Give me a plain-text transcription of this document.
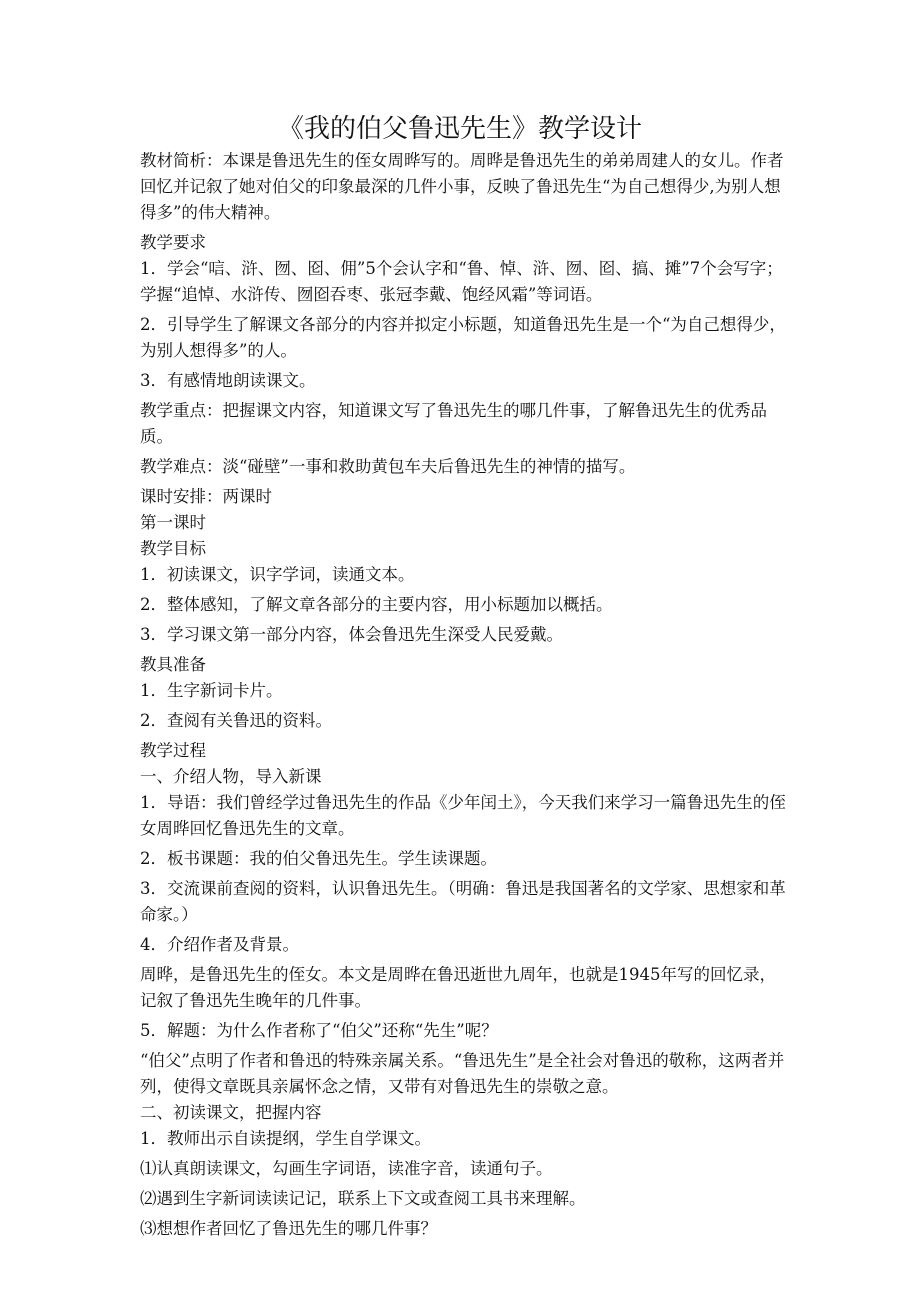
《我的伯父鲁迅先生》教学设计

教材简析：本课是鲁迅先生的侄女周晔写的。周晔是鲁迅先生的弟弟周建人的女儿。作者回忆并记叙了她对伯父的印象最深的几件小事，反映了鲁迅先生“为自己想得少,为别人想得多”的伟大精神。

教学要求

1．学会“唁、浒、囫、囵、佣”5个会认字和“鲁、悼、浒、囫、囵、搞、摊”7个会写字；学握“追悼、水浒传、囫囵吞枣、张冠李戴、饱经风霜”等词语。

2．引导学生了解课文各部分的内容并拟定小标题，知道鲁迅先生是一个“为自己想得少，为别人想得多”的人。

3．有感情地朗读课文。

教学重点：把握课文内容，知道课文写了鲁迅先生的哪几件事，了解鲁迅先生的优秀品质。

教学难点：淡“碰壁”一事和救助黄包车夫后鲁迅先生的神情的描写。

课时安排：两课时

第一课时

教学目标

1．初读课文，识字学词，读通文本。

2．整体感知，了解文章各部分的主要内容，用小标题加以概括。

3．学习课文第一部分内容，体会鲁迅先生深受人民爱戴。

教具准备

1．生字新词卡片。

2．查阅有关鲁迅的资料。

教学过程

一、介绍人物，导入新课

1．导语：我们曾经学过鲁迅先生的作品《少年闰土》，今天我们来学习一篇鲁迅先生的侄女周晔回忆鲁迅先生的文章。

2．板书课题：我的伯父鲁迅先生。学生读课题。

3．交流课前查阅的资料，认识鲁迅先生。（明确：鲁迅是我国著名的文学家、思想家和革命家。）

4．介绍作者及背景。

周晔，是鲁迅先生的侄女。本文是周晔在鲁迅逝世九周年，也就是1945年写的回忆录，记叙了鲁迅先生晚年的几件事。

5．解题：为什么作者称了“伯父”还称“先生”呢？

“伯父”点明了作者和鲁迅的特殊亲属关系。“鲁迅先生”是全社会对鲁迅的敬称，这两者并列，使得文章既具亲属怀念之情，又带有对鲁迅先生的崇敬之意。

二、初读课文，把握内容

1．教师出示自读提纲，学生自学课文。

⑴认真朗读课文，勾画生字词语，读准字音，读通句子。

⑵遇到生字新词读读记记，联系上下文或查阅工具书来理解。

⑶想想作者回忆了鲁迅先生的哪几件事？
